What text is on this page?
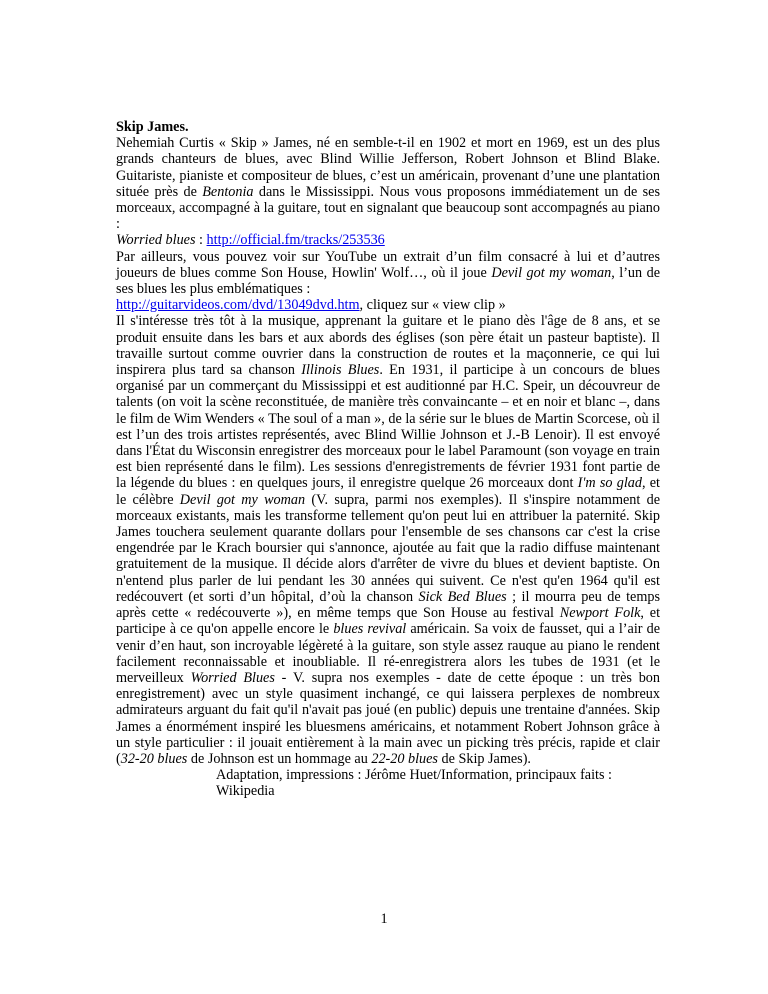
Skip James.
Nehemiah Curtis « Skip » James, né en semble-t-il en 1902 et mort en 1969, est un des plus grands chanteurs de blues, avec Blind Willie Jefferson, Robert Johnson et Blind Blake. Guitariste, pianiste et compositeur de blues, c’est un américain, provenant d’une une plantation située près de Bentonia dans le Mississippi. Nous vous proposons immédiatement un de ses morceaux, accompagné à la guitare, tout en signalant que beaucoup sont accompagnés au piano :
Worried blues : http://official.fm/tracks/253536
Par ailleurs, vous pouvez voir sur YouTube un extrait d’un film consacré à lui et d’autres joueurs de blues comme Son House, Howlin' Wolf…, où il joue Devil got my woman, l’un de ses blues les plus emblématiques :
http://guitarvideos.com/dvd/13049dvd.htm, cliquez sur « view clip »
Il s'intéresse très tôt à la musique, apprenant la guitare et le piano dès l'âge de 8 ans, et se produit ensuite dans les bars et aux abords des églises (son père était un pasteur baptiste). Il travaille surtout comme ouvrier dans la construction de routes et la maçonnerie, ce qui lui inspirera plus tard sa chanson Illinois Blues. En 1931, il participe à un concours de blues organisé par un commerçant du Mississippi et est auditionné par H.C. Speir, un découvreur de talents (on voit la scène reconstituée, de manière très convaincante – et en noir et blanc –, dans le film de Wim Wenders « The soul of a man », de la série sur le blues de Martin Scorcese, où il est l’un des trois artistes représentés, avec Blind Willie Johnson et J.-B Lenoir). Il est envoyé dans l'État du Wisconsin enregistrer des morceaux pour le label Paramount (son voyage en train est bien représenté dans le film). Les sessions d'enregistrements de février 1931 font partie de la légende du blues : en quelques jours, il enregistre quelque 26 morceaux dont I'm so glad, et le célèbre Devil got my woman (V. supra, parmi nos exemples). Il s'inspire notamment de morceaux existants, mais les transforme tellement qu'on peut lui en attribuer la paternité. Skip James touchera seulement quarante dollars pour l'ensemble de ses chansons car c'est la crise engendrée par le Krach boursier qui s'annonce, ajoutée au fait que la radio diffuse maintenant gratuitement de la musique. Il décide alors d'arrêter de vivre du blues et devient baptiste. On n'entend plus parler de lui pendant les 30 années qui suivent. Ce n'est qu'en 1964 qu'il est redécouvert (et sorti d’un hôpital, d’où la chanson Sick Bed Blues ; il mourra peu de temps après cette « redécouverte »), en même temps que Son House au festival Newport Folk, et participe à ce qu'on appelle encore le blues revival américain. Sa voix de fausset, qui a l’air de venir d’en haut, son incroyable légèreté à la guitare, son style assez rauque au piano le rendent facilement reconnaissable et inoubliable. Il ré-enregistrera alors les tubes de 1931 (et le merveilleux Worried Blues - V. supra nos exemples - date de cette époque : un très bon enregistrement) avec un style quasiment inchangé, ce qui laissera perplexes de nombreux admirateurs arguant du fait qu'il n'avait pas joué (en public) depuis une trentaine d'années. Skip James a énormément inspiré les bluesmens américains, et notamment Robert Johnson grâce à un style particulier : il jouait entièrement à la main avec un picking très précis, rapide et clair (32-20 blues de Johnson est un hommage au 22-20 blues de Skip James).
Adaptation, impressions : Jérôme Huet/Information, principaux faits : Wikipedia
1
